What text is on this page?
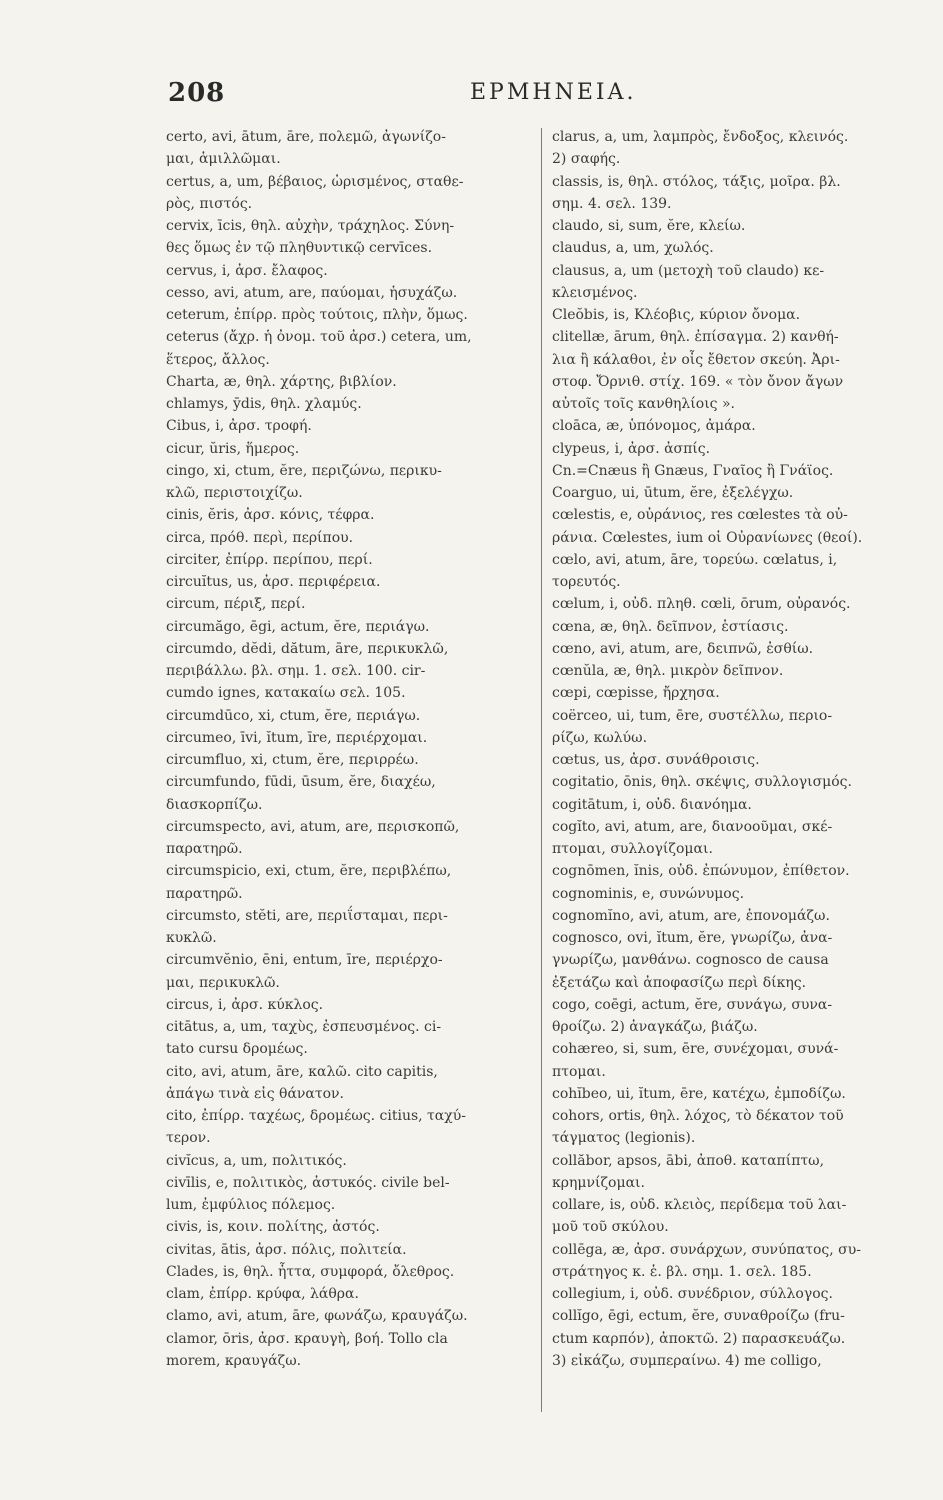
208	ΕΡΜΗΝΕΙΑ.
certo, avi, ātum, āre, πολεμῶ, ἀγωνίζο-
μαι, ἁμιλλῶμαι.
certus, a, um, βέβαιος, ὡρισμένος, σταθε-
ρὸς, πιστός.
cervix, īcis, θηλ. αὐχὴν, τράχηλος. Σύνη-
θες ὅμως ἐν τῷ πληθυντικῷ cervīces.
cervus, i, ἀρσ. ἔλαφος.
cesso, avi, atum, are, παύομαι, ἡσυχάζω.
ceterum, ἐπίρρ. πρὸς τούτοις, πλὴν, ὅμως.
ceterus (ἄχρ. ἡ ὀνομ. τοῦ ἀρσ.) cetera, um,
ἕτερος, ἄλλος.
Charta, æ, θηλ. χάρτης, βιβλίον.
chlamys, ȳdis, θηλ. χλαμύς.
Cibus, i, ἀρσ. τροφή.
cicur, ŭris, ἥμερος.
cingo, xi, ctum, ĕre, περιζώνω, περικυ-
κλῶ, περιστοιχίζω.
cinis, ĕris, ἀρσ. κόνις, τέφρα.
circa, πρόθ. περὶ, περίπου.
circiter, ἐπίρρ. περίπου, περί.
circuĭtus, us, ἀρσ. περιφέρεια.
circum, πέριξ, περί.
circumăgo, ēgi, actum, ĕre, περιάγω.
circumdo, dĕdi, dătum, āre, περικυκλῶ,
περιβάλλω. βλ. σημ. 1. σελ. 100. cir-
cumdo ignes, κατακαίω σελ. 105.
circumdūco, xi, ctum, ĕre, περιάγω.
circumeo, īvi, ĭtum, īre, περιέρχομαι.
circumfluo, xi, ctum, ĕre, περιρρέω.
circumfundo, fūdi, ūsum, ĕre, διαχέω,
διασκορπίζω.
circumspecto, avi, atum, are, περισκοπῶ,
παρατηρῶ.
circumspicio, exi, ctum, ĕre, περιβλέπω,
παρατηρῶ.
circumsto, stĕti, are, περιΐσταμαι, περι-
κυκλῶ.
circumvĕnio, ēni, entum, īre, περιέρχο-
μαι, περικυκλῶ.
circus, i, ἀρσ. κύκλος.
citātus, a, um, ταχὺς, ἐσπευσμένος. ci-
tato cursu δρομέως.
cito, avi, atum, āre, καλῶ. cito capitis,
ἀπάγω τινὰ εἰς θάνατον.
cito, ἐπίρρ. ταχέως, δρομέως. citius, ταχύ-
τερον.
civĭcus, a, um, πολιτικός.
civīlis, e, πολιτικὸς, ἀστυκός. civile bel-
lum, ἐμφύλιος πόλεμος.
civis, is, κοιν. πολίτης, ἀστός.
civitas, ātis, ἀρσ. πόλις, πολιτεία.
Clades, is, θηλ. ἧττα, συμφορά, ὄλεθρος.
clam, ἐπίρρ. κρύφα, λάθρα.
clamo, avi, atum, āre, φωνάζω, κραυγάζω.
clamor, ōris, ἀρσ. κραυγὴ, βοή. Tollo cla
morem, κραυγάζω.
clarus, a, um, λαμπρὸς, ἔνδοξος, κλεινός.
2) σαφής.
classis, is, θηλ. στόλος, τάξις, μοῖρα. βλ.
σημ. 4. σελ. 139.
claudo, si, sum, ĕre, κλείω.
claudus, a, um, χωλός.
clausus, a, um (μετοχὴ τοῦ claudo) κε-
κλεισμένος.
Cleŏbis, is, Κλέοβις, κύριον ὄνομα.
clitellæ, ārum, θηλ. ἐπίσαγμα. 2) κανθή-
λια ἢ κάλαθοι, ἐν οἷς ἔθετον σκεύη. Ἀρι-
στοφ. Ὄρνιθ. στίχ. 169. « τὸν ὄνον ἄγων
αὐτοῖς τοῖς κανθηλίοις ».
cloāca, æ, ὑπόνομος, ἀμάρα.
clypeus, i, ἀρσ. ἀσπίς.
Cn.=Cnæus ἢ Gnæus, Γναῖος ἢ Γνάϊος.
Coarguo, ui, ūtum, ĕre, ἐξελέγχω.
cœlestis, e, οὐράνιος, res cœlestes τὰ οὐ-
ράνια. Cœlestes, ium οἱ Οὐρανίωνες (θεοί).
cœlo, avi, atum, āre, τορεύω. cœlatus, i,
τορευτός.
cœlum, i, οὐδ. πληθ. cœli, ōrum, οὐρανός.
cœna, æ, θηλ. δεῖπνον, ἑστίασις.
cœno, avi, atum, are, δειπνῶ, ἐσθίω.
cœnŭla, æ, θηλ. μικρὸν δεῖπνον.
cœpi, cœpisse, ἤρχησα.
coërceo, ui, tum, ēre, συστέλλω, περιο-
ρίζω, κωλύω.
cœtus, us, ἀρσ. συνάθροισις.
cogitatio, ōnis, θηλ. σκέψις, συλλογισμός.
cogitātum, i, οὐδ. διανόημα.
cogĭto, avi, atum, are, διανοοῦμαι, σκέ-
πτομαι, συλλογίζομαι.
cognōmen, ĭnis, οὐδ. ἐπώνυμον, ἐπίθετον.
cognominis, e, συνώνυμος.
cognomĭno, avi, atum, are, ἐπονομάζω.
cognosco, ovi, ĭtum, ĕre, γνωρίζω, ἀνα-
γνωρίζω, μανθάνω. cognosco de causa
ἐξετάζω καὶ ἀποφασίζω περὶ δίκης.
cogo, coēgi, actum, ĕre, συνάγω, συνα-
θροίζω. 2) ἀναγκάζω, βιάζω.
cohæreo, si, sum, ēre, συνέχομαι, συνά-
πτομαι.
cohĭbeo, ui, ĭtum, ēre, κατέχω, ἐμποδίζω.
cohors, ortis, θηλ. λόχος, τὸ δέκατον τοῦ
τάγματος (legionis).
collăbor, apsos, ābi, ἀποθ. καταπίπτω,
κρημνίζομαι.
collare, is, οὐδ. κλειὸς, περίδεμα τοῦ λαι-
μοῦ τοῦ σκύλου.
collēga, æ, ἀρσ. συνάρχων, συνύπατος, συ-
στράτηγος κ. ἑ. βλ. σημ. 1. σελ. 185.
collegium, i, οὐδ. συνέδριον, σύλλογος.
collĭgo, ēgi, ectum, ĕre, συναθροίζω (fru-
ctum καρπόν), ἀποκτῶ. 2) παρασκευάζω.
3) εἰκάζω, συμπεραίνω. 4) me colligo,
